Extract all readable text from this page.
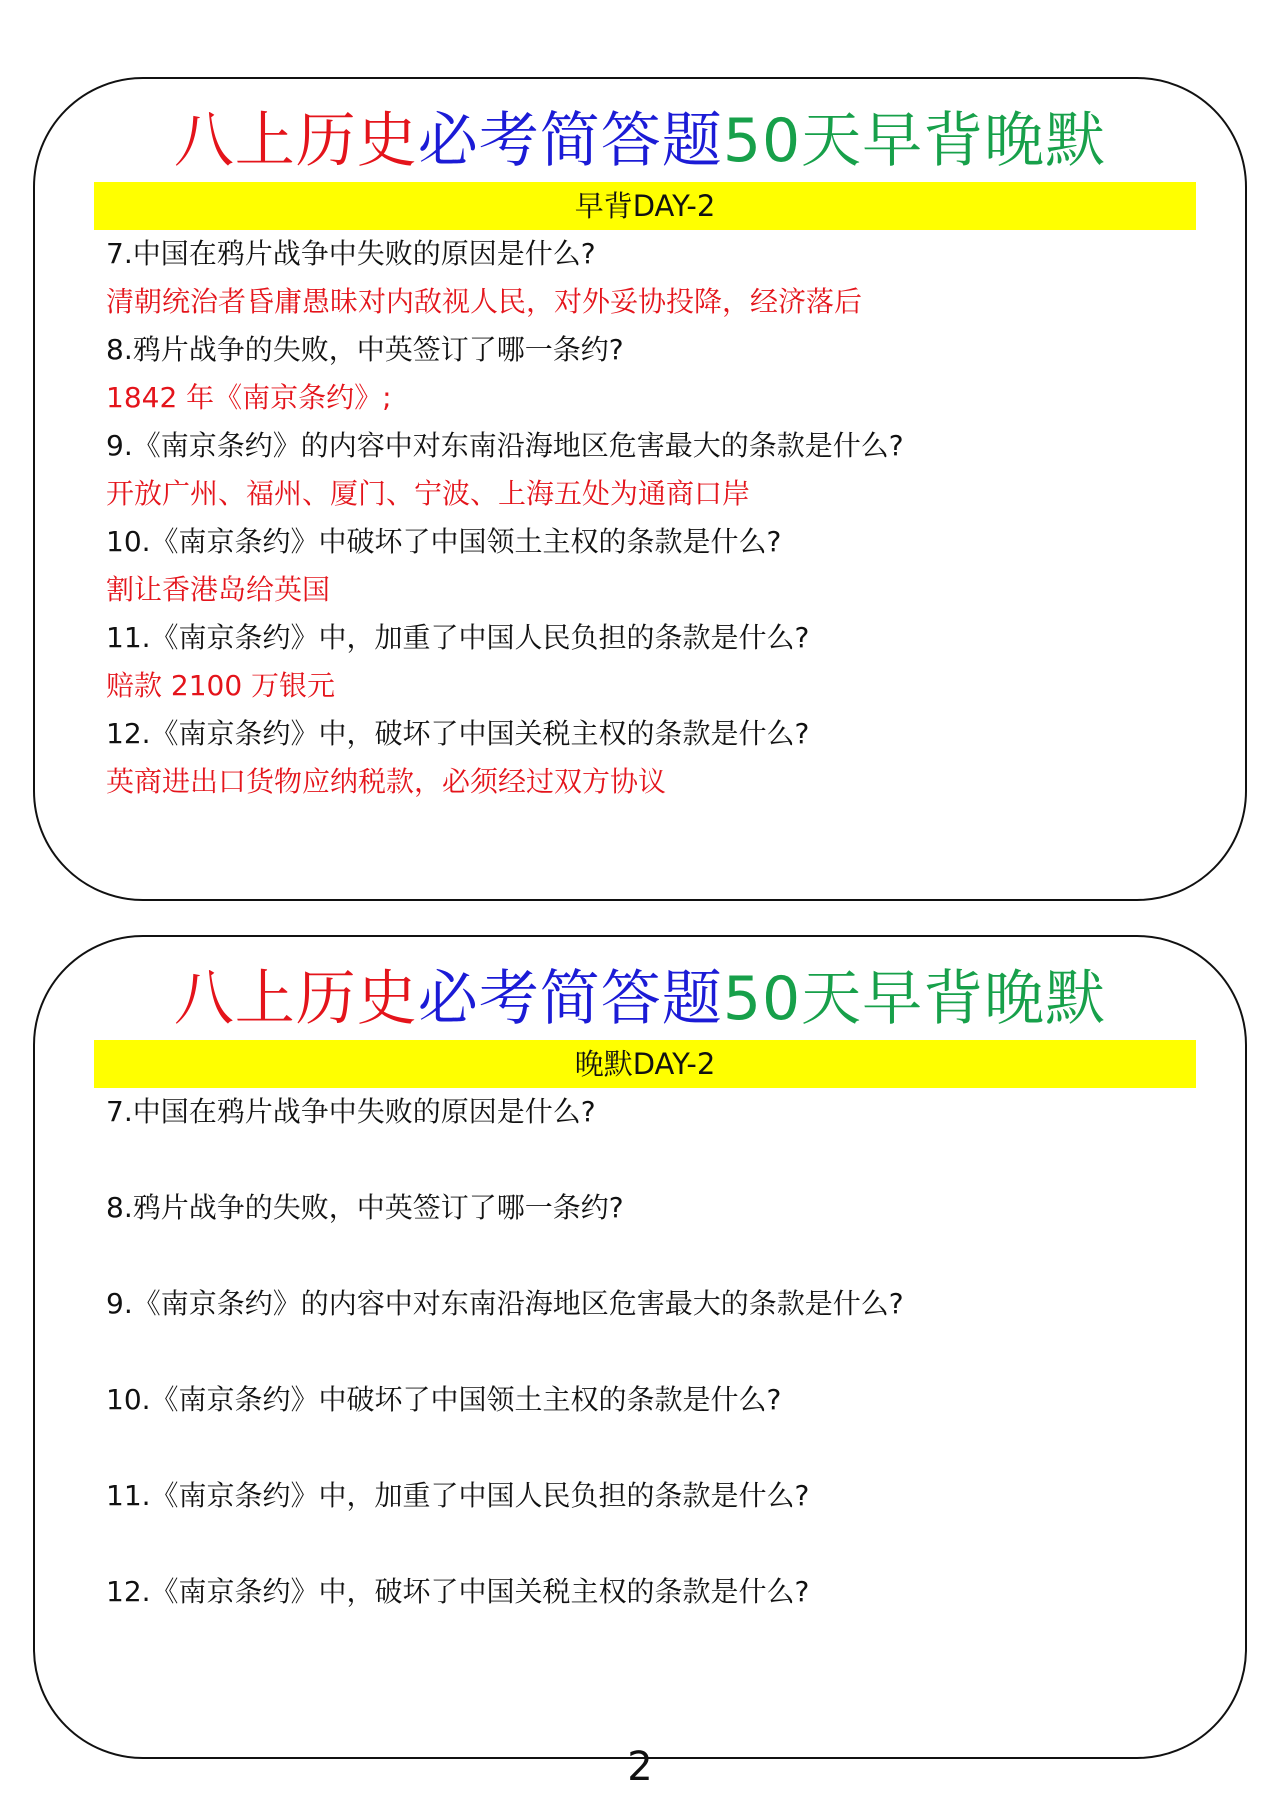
八上历史必考简答题50天早背晚默
早背DAY-2
7.中国在鸦片战争中失败的原因是什么?
清朝统治者昏庸愚昧对内敌视人民，对外妥协投降，经济落后
8.鸦片战争的失败，中英签订了哪一条约?
1842 年《南京条约》;
9.《南京条约》的内容中对东南沿海地区危害最大的条款是什么?
开放广州、福州、厦门、宁波、上海五处为通商口岸
10.《南京条约》中破坏了中国领土主权的条款是什么?
割让香港岛给英国
11.《南京条约》中，加重了中国人民负担的条款是什么?
赔款 2100 万银元
12.《南京条约》中，破坏了中国关税主权的条款是什么?
英商进出口货物应纳税款，必须经过双方协议
八上历史必考简答题50天早背晚默
晚默DAY-2
7.中国在鸦片战争中失败的原因是什么?
8.鸦片战争的失败，中英签订了哪一条约?
9.《南京条约》的内容中对东南沿海地区危害最大的条款是什么?
10.《南京条约》中破坏了中国领土主权的条款是什么?
11.《南京条约》中，加重了中国人民负担的条款是什么?
12.《南京条约》中，破坏了中国关税主权的条款是什么?
2
